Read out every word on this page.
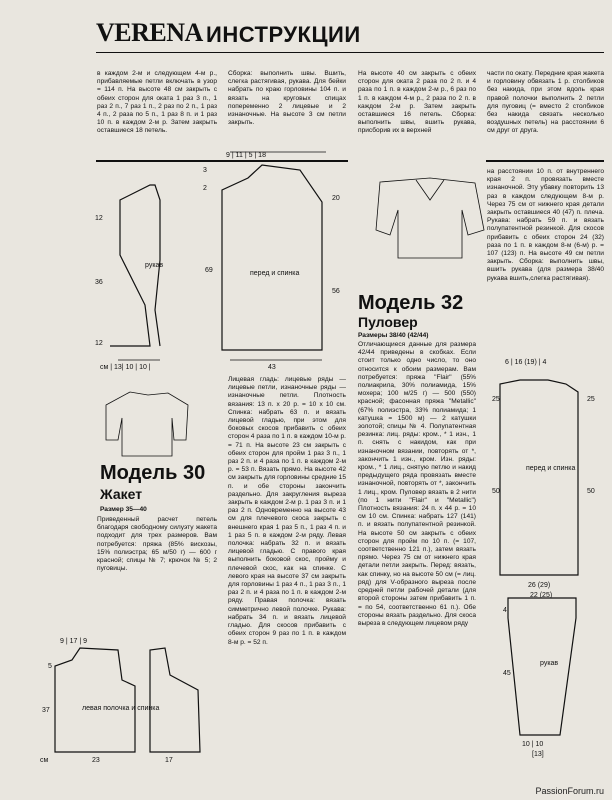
VERENA ИНСТРУКЦИИ
в каждом 2-м и следующем 4-м р., прибавляемые петли включать в узор = 114 п. На высоте 48 см закрыть с обеих сторон для оката 1 раз 3 п., 1 раз 2 п., 7 раз 1 п., 2 раз по 2 п., 1 раз 4 п., 2 раза по 5 п., 1 раз 8 п. и 1 раз 10 п. в каждом 2-м р. Затем закрыть оставшиеся 18 петель.
Сборка: выполнить швы. Вшить, слегка растягивая, рукава. Для бейки набрать по краю горловины 104 п. и вязать на круговых спицах попеременно 2 лицевые и 2 изнаночные. На высоте 3 см петли закрыть.
На высоте 40 см закрыть с обеих сторон для оката 2 раза по 2 п. и 4 раза по 1 п. в каждом 2-м р., 6 раз по 1 п. в каждом 4-м р., 2 раза по 2 п. в каждом 2-м р. Затем закрыть оставшиеся 16 петель. Сборка: выполнить швы, вшить рукава, присборив их в верхней
части по окату. Передние края жакета и горловину обвязать 1 р. столбиков без накида, при этом вдоль края правой полочки выполнить 2 петли для пуговиц (= вместо 2 столбиков без накида связать несколько воздушных петель) на расстоянии 6 см друг от друга.
9 | 11 | 5 | 18
рукав
перед и спинка
3
2
12
36
12
69
20
56
43
см | 13| 10 | 10 |
6 | 16 (19) | 4
25	25
50	50
перед и спинка
26 (29)
22 (25)
4
45
рукав
10 | 10
[13]
9 | 17 | 9
5
37	левая полочка и спинка
23	17
см
Модель 32
Пуловер
Размеры 38/40 (42/44)
Отличающиеся данные для размера 42/44 приведены в скобках. Если стоит только одно число, то оно относится к обоим размерам. Вам потребуется: пряжа "Flair" (55% полиакрила, 30% полиамида, 15% мохера; 100 м/25 г) — 500 (550) красной; фасонная пряжа "Metallic" (67% полиэстра, 33% полиамида; 1 катушка = 1500 м) — 2 катушки золотой; спицы № 4. Полупатентная резинка: лиц. ряды: кром., * 1 изн., 1 п. снять с накидом, как при изнаночном вязании, повторять от *, закончить 1 изн., кром. Изн. ряды: кром., * 1 лиц., снятую петлю и накид предыдущего ряда провязать вместе изнаночной, повторять от *, закончить 1 лиц., кром. Пуловер вязать в 2 нити (по 1 нити "Flair" и "Metallic") Плотность вязания: 24 п. х 44 р. = 10 см 10 см. Спинка: набрать 127 (141) п. и вязать полупатентной резинкой. На высоте 50 см закрыть с обеих сторон для пройм по 10 п. (= 107, соответственно 121 п.), затем вязать прямо. Через 75 см от нижнего края детали петли закрыть. Перед: вязать, как спинку, но на высоте 50 см (= лиц. ряд) для V-образного выреза после средней петли рабочей детали (для второй стороны затем прибавить 1 п. = по 54, соответственно 61 п.). Обе стороны вязать раздельно. Для скоса выреза в следующем лицевом ряду
на расстоянии 10 п. от внутреннего края 2 п. провязать вместе изнаночной. Эту убавку повторить 13 раз в каждом следующем 8-м р. Через 75 см от нижнего края детали закрыть оставшиеся 40 (47) п. плеча. Рукава: набрать 59 п. и вязать полупатентной резинкой. Для скосов прибавить с обеих сторон 24 (32) раза по 1 п. в каждом 8-м (6-м) р. = 107 (123) п. На высоте 49 см петли закрыть. Сборка: выполнить швы, вшить рукава (для размера 38/40 рукава вшить,слегка растягивая).
Модель 30
Жакет
Размер 35—40
Приведенный расчет петель благодаря свободному силуэту жакета подходит для трех размеров. Вам потребуется: пряжа (85% вискозы, 15% полиэстра; 65 м/50 г) — 600 г красной; спицы № 7; крючок № 5; 2 пуговицы.
Лицевая гладь: лицевые ряды — лицевые петли, изнаночные ряды — изнаночные петли. Плотность вязания: 13 п. х 20 р. = 10 х 10 см. Спинка: набрать 63 п. и вязать лицевой гладью, при этом для боковых скосов прибавить с обеих сторон 4 раза по 1 п. в каждом 10-м р. = 71 п. На высоте 23 см закрыть с обеих сторон для пройм 1 раз 3 п., 1 раз 2 п. и 4 раза по 1 п. в каждом 2-м р. = 53 п. Вязать прямо. На высоте 42 см закрыть для горловины средние 15 п. и обе стороны закончить раздельно. Для закругления выреза закрыть в каждом 2-м р. 1 раз 3 п. и 1 раз 2 п. Одновременно на высоте 43 см для плечевого скоса закрыть с внешнего края 1 раз 5 п., 1 раз 4 п. и 1 раз 5 п. в каждом 2-м ряду. Левая полочка: набрать 32 п. и вязать лицевой гладью. С правого края выполнить боковой скос, пройму и плечевой скос, как на спинке. С левого края на высоте 37 см закрыть для горловины 1 раз 4 п., 1 раз 3 п., 1 раз 2 п. и 4 раза по 1 п. в каждом 2-м ряду. Правая полочка: вязать симметрично левой полочке. Рукава: набрать 34 п. и вязать лицевой гладью. Для скосов прибавить с обеих сторон 9 раз по 1 п. в каждом 8-м р. = 52 п.
PassionForum.ru
